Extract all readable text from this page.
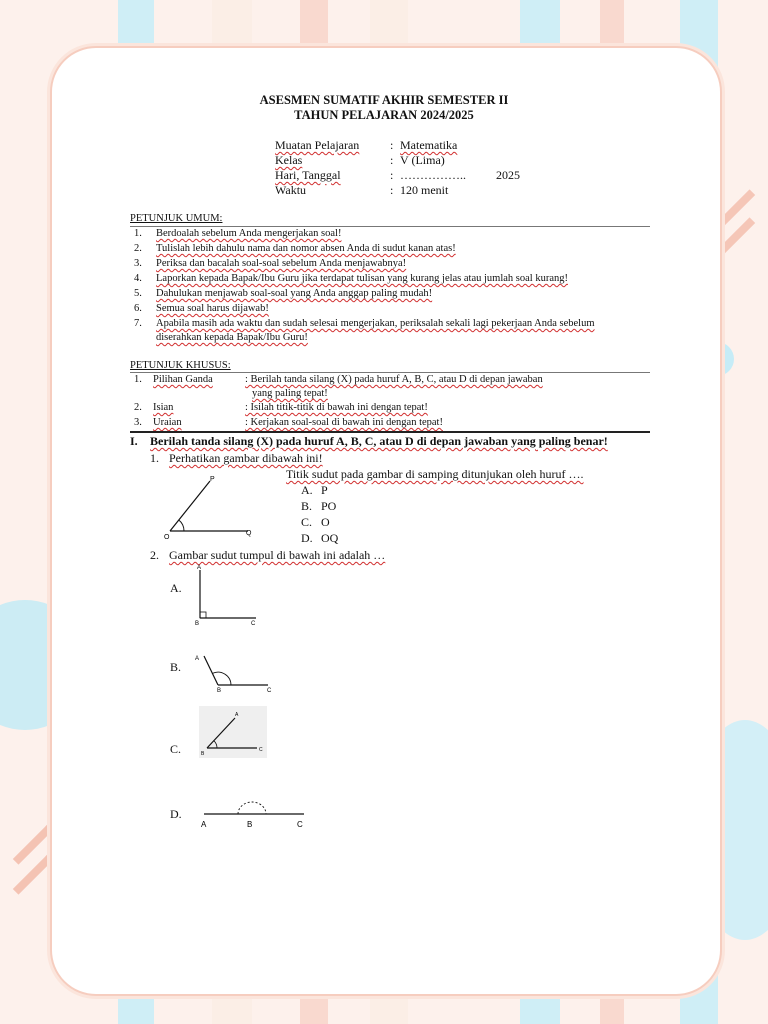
ASESMEN SUMATIF AKHIR SEMESTER II
TAHUN PELAJARAN 2024/2025
Muatan Pelajaran	: Matematika
Kelas	: V (Lima)
Hari, Tanggal	: ……………..	2025
Waktu	: 120 menit
PETUNJUK UMUM:
1. Berdoalah sebelum Anda mengerjakan soal!
2. Tulislah lebih dahulu nama dan nomor absen Anda di sudut kanan atas!
3. Periksa dan bacalah soal-soal sebelum Anda menjawabnya!
4. Laporkan kepada Bapak/Ibu Guru jika terdapat tulisan yang kurang jelas atau jumlah soal kurang!
5. Dahulukan menjawab soal-soal yang Anda anggap paling mudah!
6. Semua soal harus dijawab!
7. Apabila masih ada waktu dan sudah selesai mengerjakan, periksalah sekali lagi pekerjaan Anda sebelum
diserahkan kepada Bapak/Ibu Guru!
PETUNJUK KHUSUS:
1. Pilihan Ganda	: Berilah tanda silang (X) pada huruf A, B, C, atau D di depan jawaban
yang paling tepat!
2. Isian	: Isilah titik-titik di bawah ini dengan tepat!
3. Uraian	: Kerjakan soal-soal di bawah ini dengan tepat!
I. Berilah tanda silang (X) pada huruf A, B, C, atau D di depan jawaban yang paling benar!
1. Perhatikan gambar dibawah ini!
Titik sudut pada gambar di samping ditunjukan oleh huruf ….
P
O
Q
A. P
B. PO
C. O
D. OQ
2. Gambar sudut tumpul di bawah ini adalah …
A.
A
B	C
B.
A
B	C
C.
A
B
C
D.
A	B	C
